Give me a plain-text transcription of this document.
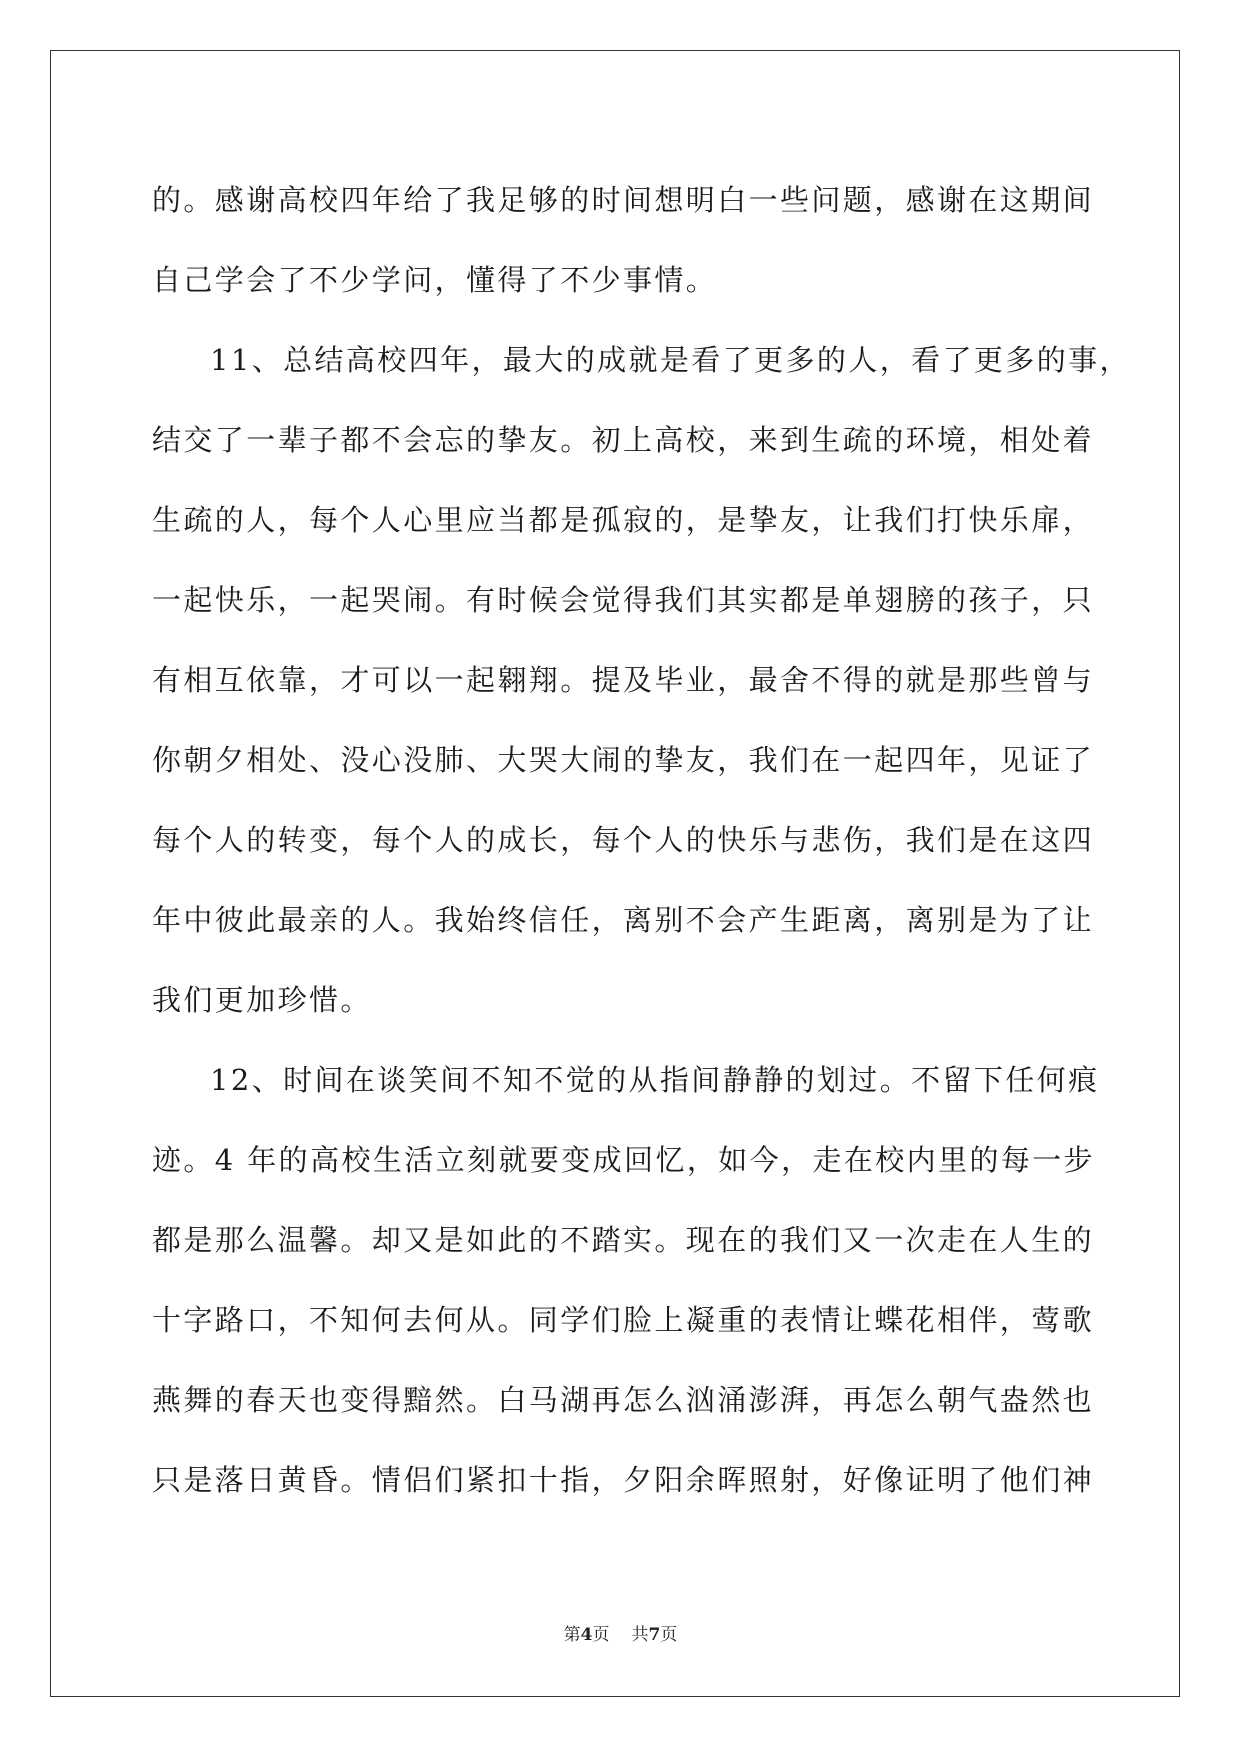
的。感谢高校四年给了我足够的时间想明白一些问题，感谢在这期间
自己学会了不少学问，懂得了不少事情。
11、总结高校四年，最大的成就是看了更多的人，看了更多的事，
结交了一辈子都不会忘的挚友。初上高校，来到生疏的环境，相处着
生疏的人，每个人心里应当都是孤寂的，是挚友，让我们打快乐扉，
一起快乐，一起哭闹。有时候会觉得我们其实都是单翅膀的孩子，只
有相互依靠，才可以一起翱翔。提及毕业，最舍不得的就是那些曾与
你朝夕相处、没心没肺、大哭大闹的挚友，我们在一起四年，见证了
每个人的转变，每个人的成长，每个人的快乐与悲伤，我们是在这四
年中彼此最亲的人。我始终信任，离别不会产生距离，离别是为了让
我们更加珍惜。
12、时间在谈笑间不知不觉的从指间静静的划过。不留下任何痕
迹。4 年的高校生活立刻就要变成回忆，如今，走在校内里的每一步
都是那么温馨。却又是如此的不踏实。现在的我们又一次走在人生的
十字路口，不知何去何从。同学们脸上凝重的表情让蝶花相伴，莺歌
燕舞的春天也变得黯然。白马湖再怎么汹涌澎湃，再怎么朝气盎然也
只是落日黄昏。情侣们紧扣十指，夕阳余晖照射，好像证明了他们神
第4页 共7页
